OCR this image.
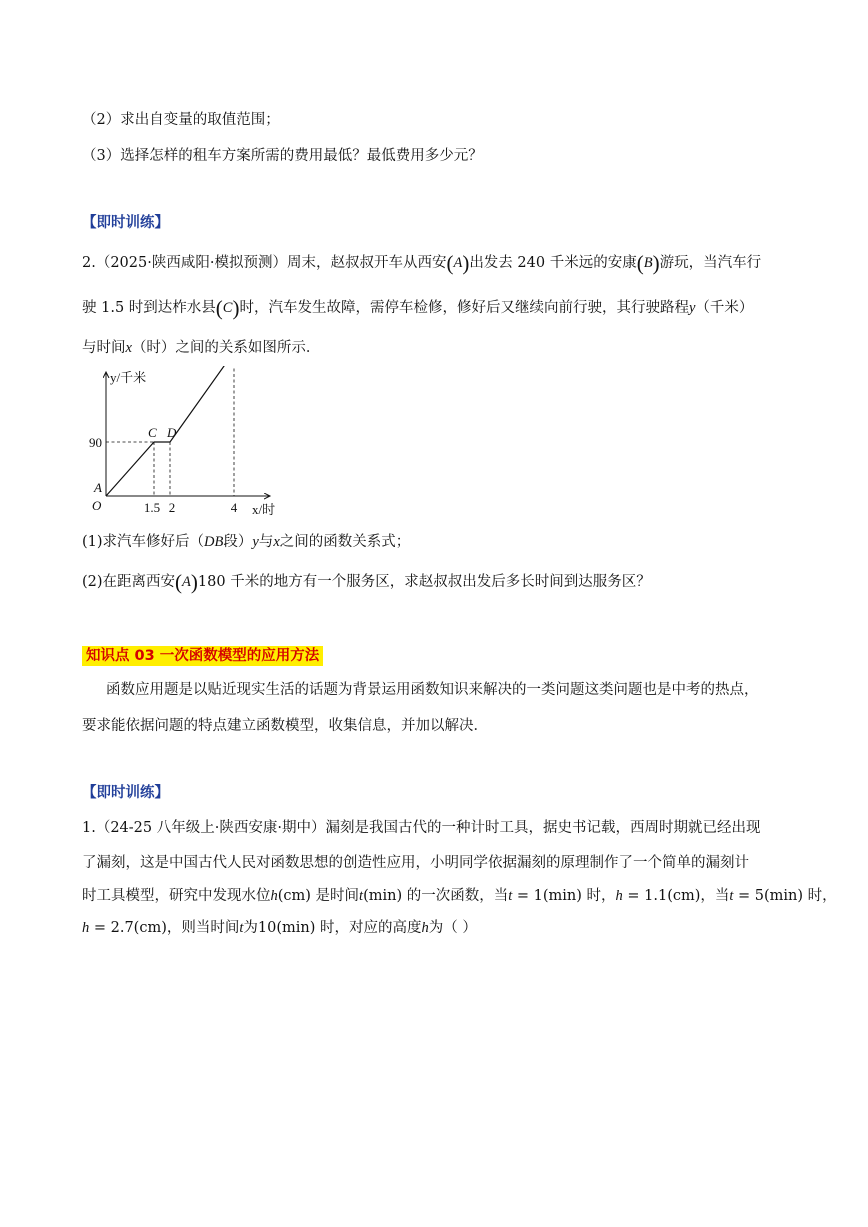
（2）求出自变量的取值范围；
（3）选择怎样的租车方案所需的费用最低？最低费用多少元？
【即时训练】
2.（2025·陕西咸阳·模拟预测）周末，赵叔叔开车从西安(A)出发去 240 千米远的安康(B)游玩，当汽车行
驶 1.5 时到达柞水县(C)时，汽车发生故障，需停车检修，修好后又继续向前行驶，其行驶路程y（千米）
与时间x（时）之间的关系如图所示．
90
1.5 2	4
O
A
C D
y/千米
x/时
(1)求汽车修好后（DB段）y与x之间的函数关系式；
(2)在距离西安(A)180 千米的地方有一个服务区，求赵叔叔出发后多长时间到达服务区？
知识点 03 一次函数模型的应用方法
函数应用题是以贴近现实生活的话题为背景运用函数知识来解决的一类问题这类问题也是中考的热点，
要求能依据问题的特点建立函数模型，收集信息，并加以解决．
【即时训练】
1.（24-25 八年级上·陕西安康·期中）漏刻是我国古代的一种计时工具，据史书记载，西周时期就已经出现
了漏刻，这是中国古代人民对函数思想的创造性应用，小明同学依据漏刻的原理制作了一个简单的漏刻计
时工具模型，研究中发现水位h(cm) 是时间t(min) 的一次函数，当t = 1(min) 时，h = 1.1(cm)，当t = 5(min) 时，
h = 2.7(cm)，则当时间t为10(min) 时，对应的高度h为（ ）
